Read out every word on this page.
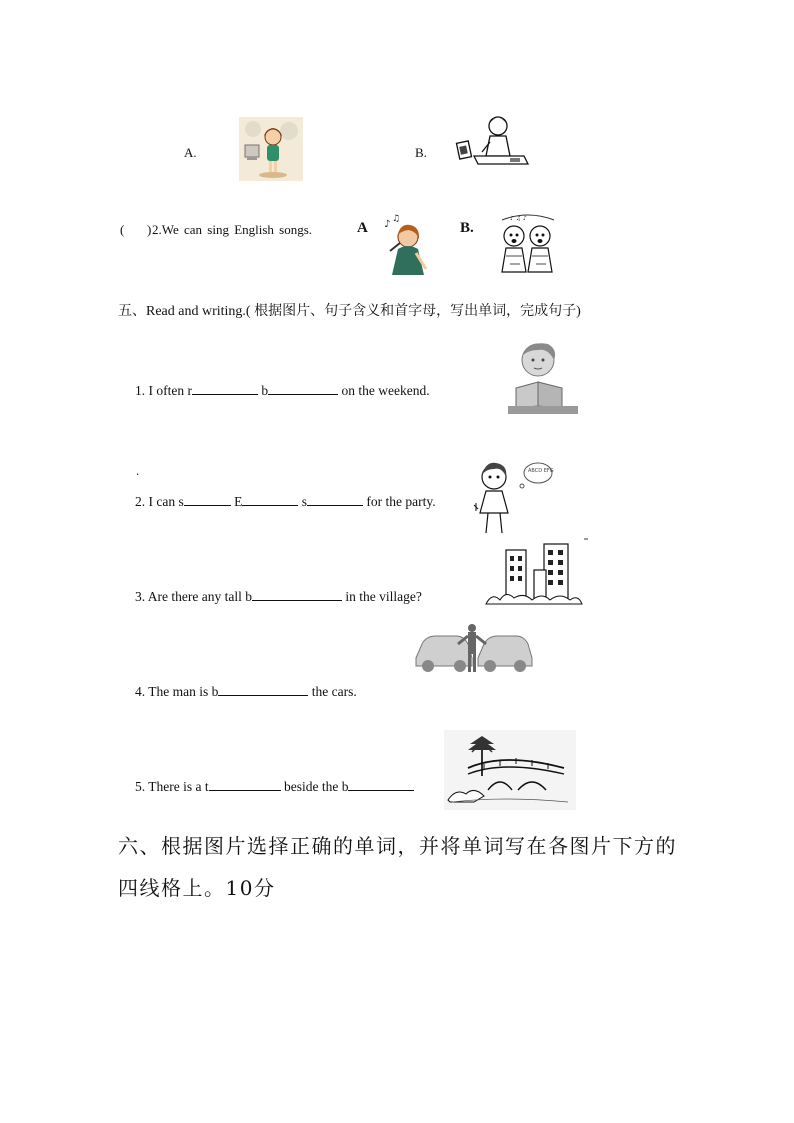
A.	B.
( ) 2.We can sing English songs.	A ♪ ♫
B.
♪ ♫ ♪
五、Read and writing.( 根据图片、句子含义和首字母，写出单词，完成句子)
1. I often r	b	on the weekend.
.
2. I can s	E	s	for the party.
ABCD EFG
3. Are there any tall b	in the village?
4. The man is b	the cars.
5. There is a t	beside the b
六、根据图片选择正确的单词，并将单词写在各图片下方的四线格上。10分
